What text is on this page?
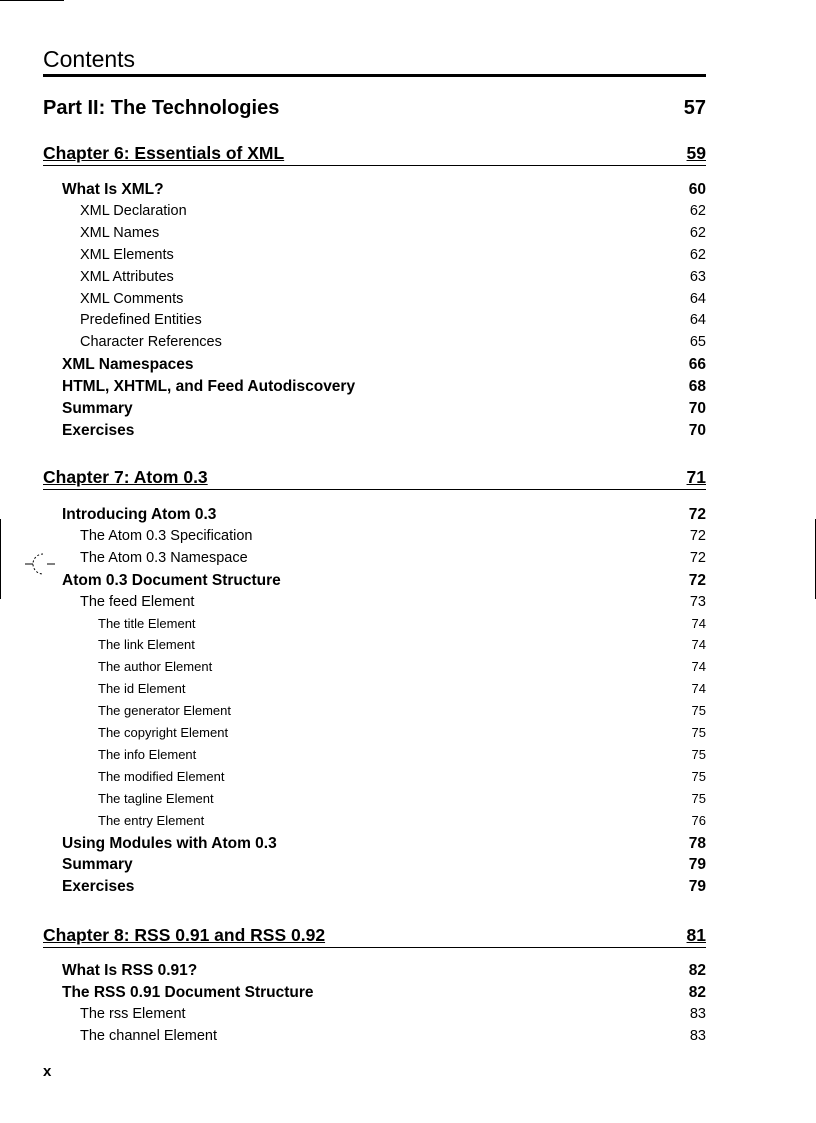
Contents
Part II: The Technologies	57
Chapter 6: Essentials of XML	59
What Is XML?	60
XML Declaration	62
XML Names	62
XML Elements	62
XML Attributes	63
XML Comments	64
Predefined Entities	64
Character References	65
XML Namespaces	66
HTML, XHTML, and Feed Autodiscovery	68
Summary	70
Exercises	70
Chapter 7: Atom 0.3	71
Introducing Atom 0.3	72
The Atom 0.3 Specification	72
The Atom 0.3 Namespace	72
Atom 0.3 Document Structure	72
The feed Element	73
The title Element	74
The link Element	74
The author Element	74
The id Element	74
The generator Element	75
The copyright Element	75
The info Element	75
The modified Element	75
The tagline Element	75
The entry Element	76
Using Modules with Atom 0.3	78
Summary	79
Exercises	79
Chapter 8: RSS 0.91 and RSS 0.92	81
What Is RSS 0.91?	82
The RSS 0.91 Document Structure	82
The rss Element	83
The channel Element	83
x
